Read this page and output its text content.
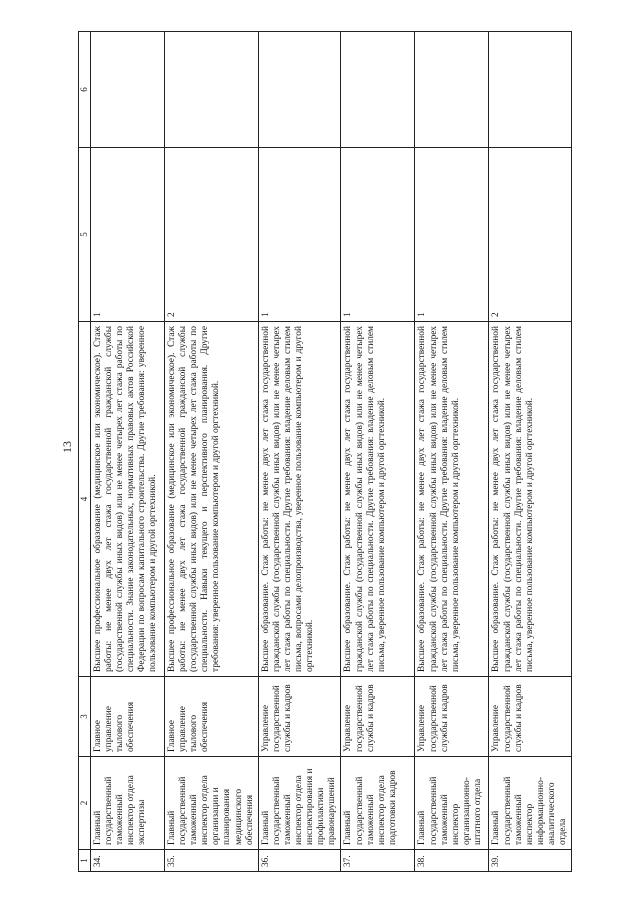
13
1	2	3	4	5	6
34.	Главный государственный таможенный инспектор отдела экспертизы	Главное управление тылового обеспечения	Высшее профессиональное образование (медицинское или экономическое). Стаж работы: не менее двух лет стажа государственной гражданской службы (государственной службы иных видов) или не менее четырех лет стажа работы по специальности. Знание законодательных, нормативных правовых актов Российской Федерации по вопросам капитального строительства. Другие требования: уверенное пользование компьютером и другой оргтехникой.	1	
35.	Главный государственный таможенный инспектор отдела организации и планирования медицинского обеспечения	Главное управление тылового обеспечения	Высшее профессиональное образование (медицинское или экономическое). Стаж работы: не менее двух лет стажа государственной гражданской службы (государственной службы иных видов) или не менее четырех лет стажа работы по специальности. Навыки текущего и перспективного планирования. Другие требования: уверенное пользование компьютером и другой оргтехникой.	2	
36.	Главный государственный таможенный инспектор отдела инспектирования и профилактики правонарушений	Управление государственной службы и кадров	Высшее образование. Стаж работы: не менее двух лет стажа государственной гражданской службы (государственной службы иных видов) или не менее четырех лет стажа работы по специальности. Другие требования: владение деловым стилем письма, вопросами делопроизводства, уверенное пользование компьютером и другой оргтехникой.	1	
37.	Главный государственный таможенный инспектор отдела подготовки кадров	Управление государственной службы и кадров	Высшее образование. Стаж работы: не менее двух лет стажа государственной гражданской службы (государственной службы иных видов) или не менее четырех лет стажа работы по специальности. Другие требования: владение деловым стилем письма, уверенное пользование компьютером и другой оргтехникой.	1	
38.	Главный государственный таможенный инспектор организационно-штатного отдела	Управление государственной службы и кадров	Высшее образование. Стаж работы: не менее двух лет стажа государственной гражданской службы (государственной службы иных видов) или не менее четырех лет стажа работы по специальности. Другие требования: владение деловым стилем письма, уверенное пользование компьютером и другой оргтехникой.	1	
39.	Главный государственный таможенный инспектор информационно-аналитического отдела	Управление государственной службы и кадров	Высшее образование. Стаж работы: не менее двух лет стажа государственной гражданской службы (государственной службы иных видов) или не менее четырех лет стажа работы по специальности. Другие требования: владение деловым стилем письма, уверенное пользование компьютером и другой оргтехникой.	2	
